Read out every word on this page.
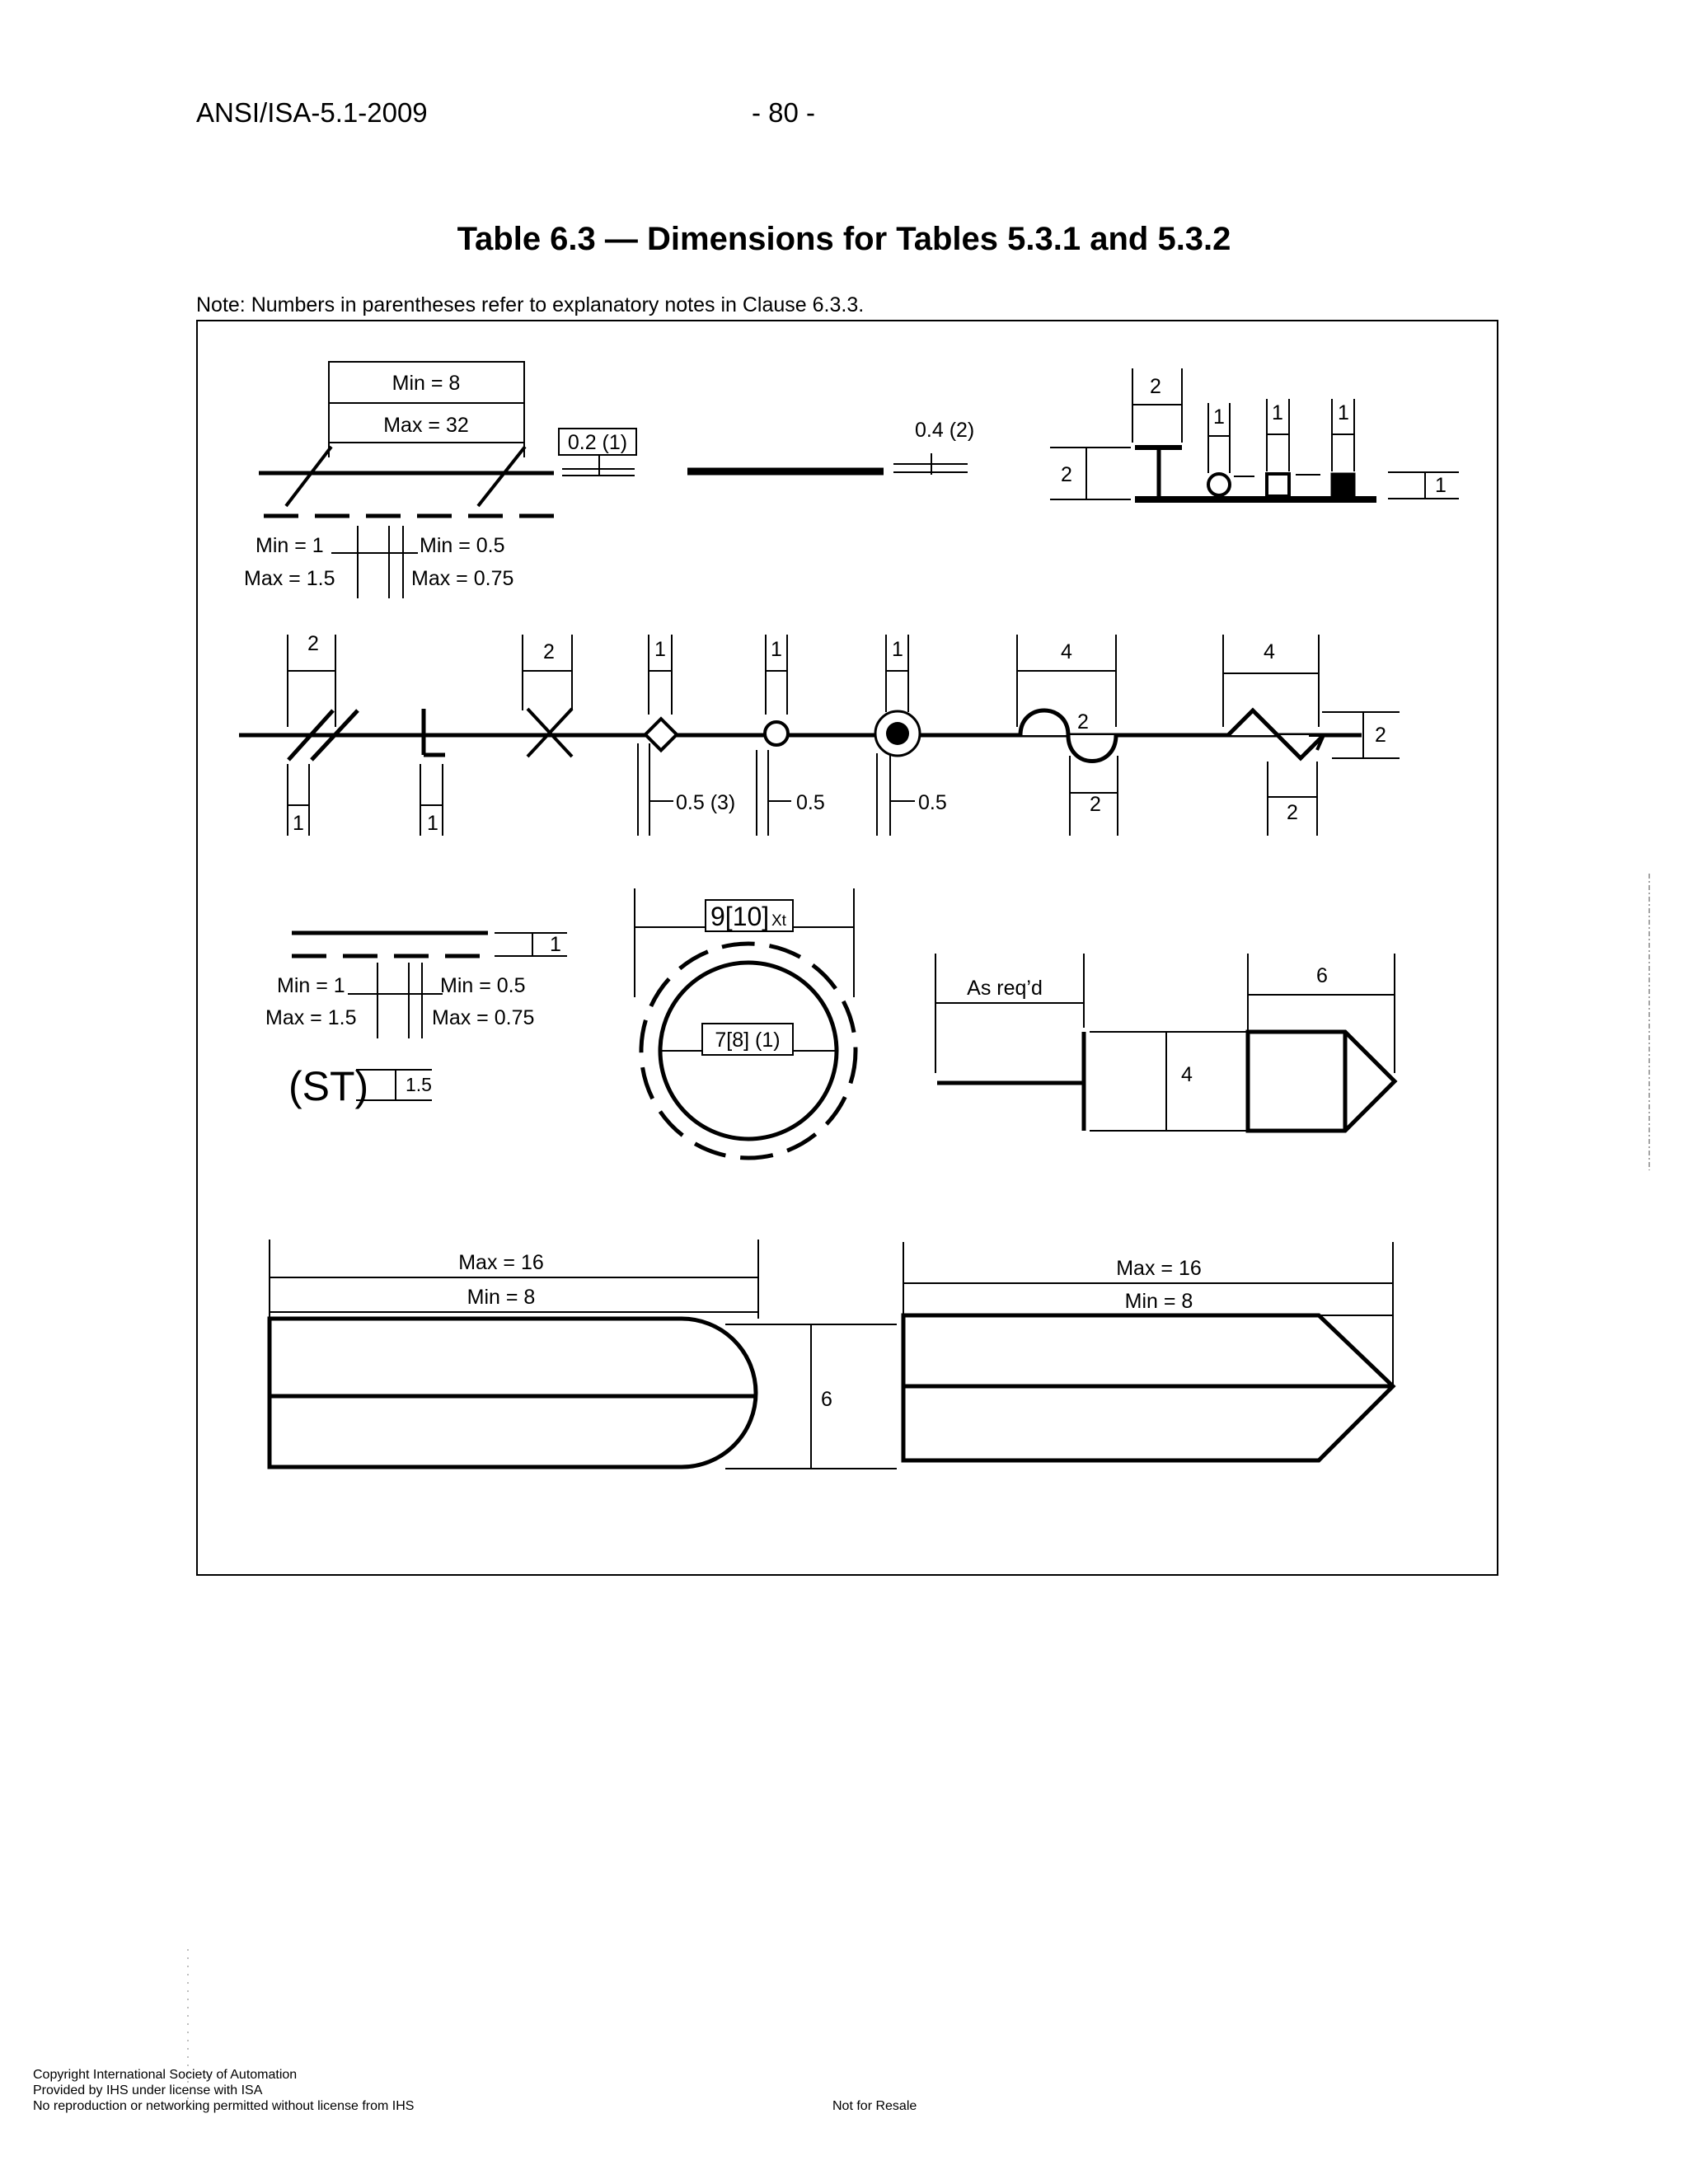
ANSI/ISA-5.1-2009	- 80 -
Table 6.3 — Dimensions for Tables 5.3.1 and 5.3.2
Note: Numbers in parentheses refer to explanatory notes in Clause 6.3.3.
Min = 8
Max = 32
Min = 1
Max = 1.5
Min = 0.5
Max = 0.75
0.2 (1)
0.4 (2)
2
2
1 1	1
1
2
1	1
2	1
0.5 (3)
1
0.5
1
0.5
4
2
2
4
2
2
1
Min = 1
Max = 1.5
Min = 0.5
Max = 0.75
(ST) 1.5
9[10] Xt
7[8] (1)
As req’d
4
6
Max = 16
Min = 8
6
Max = 16
Min = 8
Copyright International Society of Automation
Provided by IHS under license with ISA
No reproduction or networking permitted without license from IHS	Not for Resale
